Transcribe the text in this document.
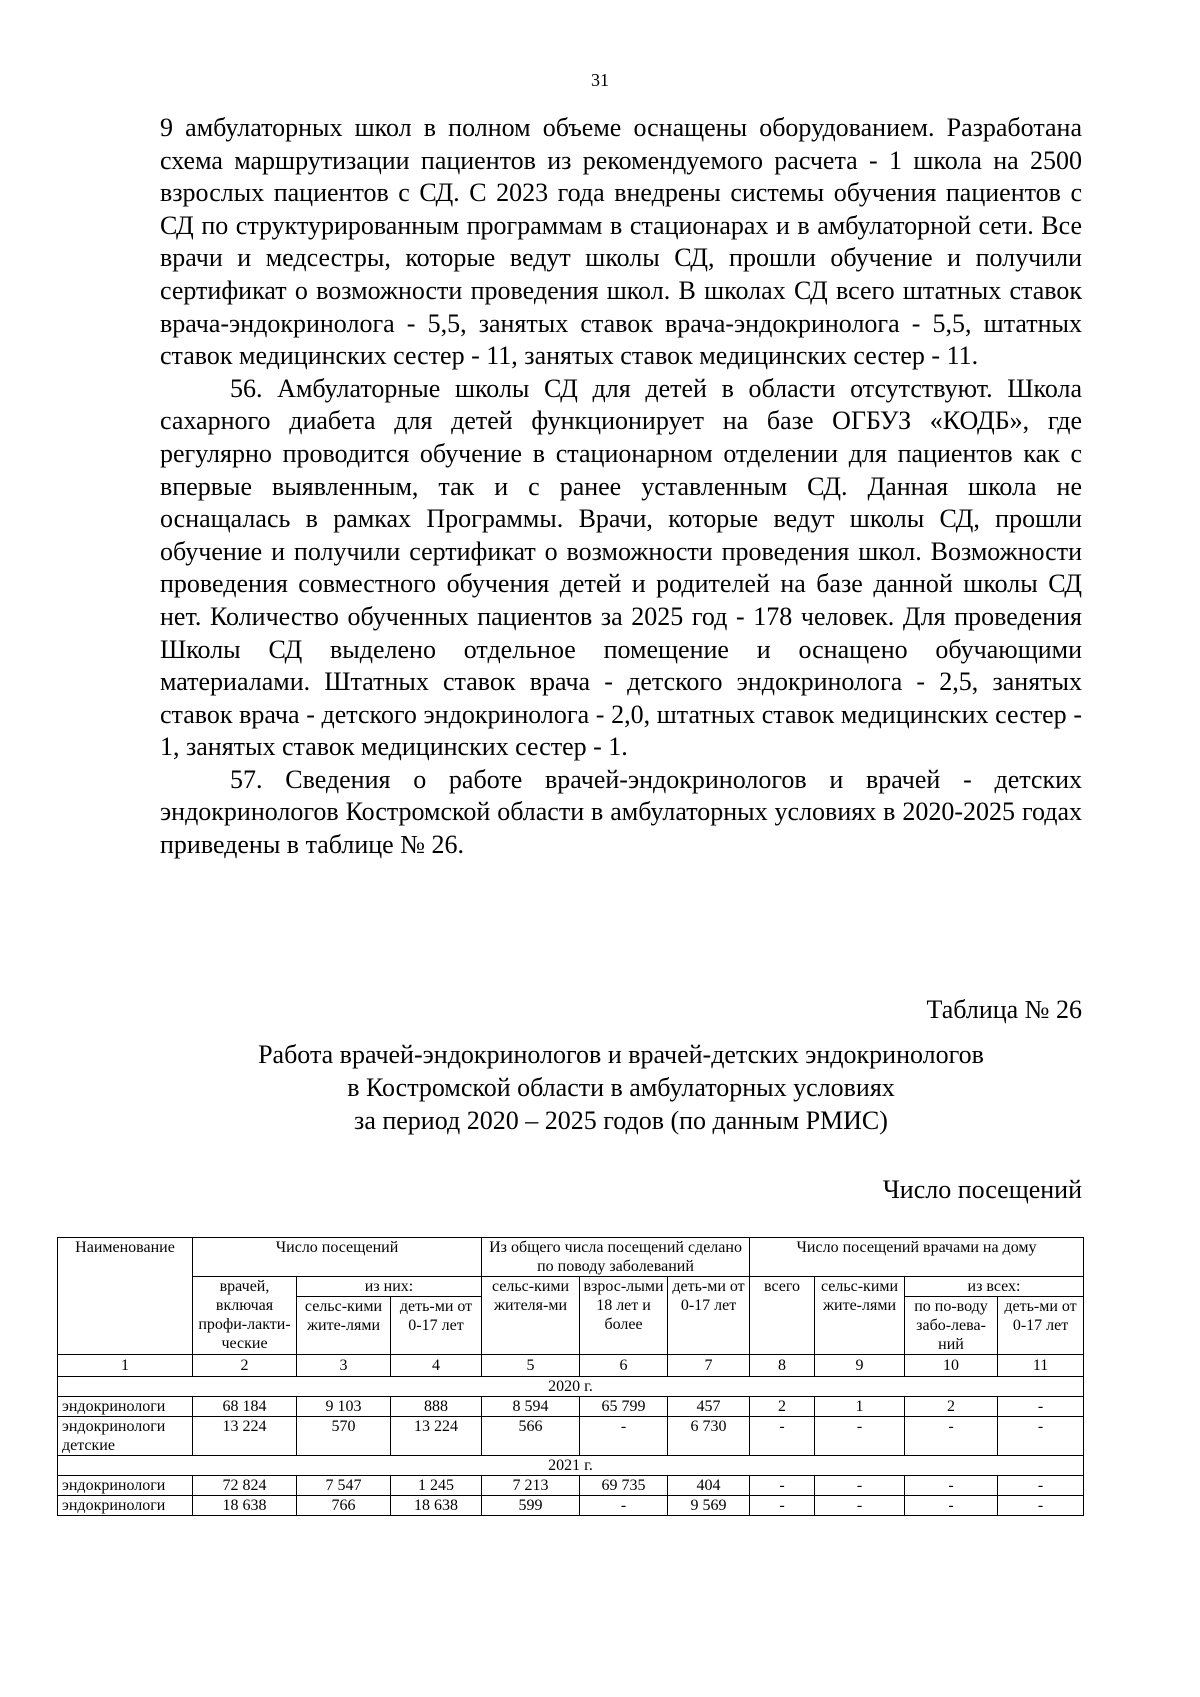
31

9 амбулаторных школ в полном объеме оснащены оборудованием. Разработана схема маршрутизации пациентов из рекомендуемого расчета - 1 школа на 2500 взрослых пациентов с СД. С 2023 года внедрены системы обучения пациентов с СД по структурированным программам в стационарах и в амбулаторной сети. Все врачи и медсестры, которые ведут школы СД, прошли обучение и получили сертификат о возможности проведения школ. В школах СД всего штатных ставок врача-эндокринолога - 5,5, занятых ставок врача-эндокринолога - 5,5, штатных ставок медицинских сестер - 11, занятых ставок медицинских сестер - 11.

56. Амбулаторные школы СД для детей в области отсутствуют. Школа сахарного диабета для детей функционирует на базе ОГБУЗ «КОДБ», где регулярно проводится обучение в стационарном отделении для пациентов как с впервые выявленным, так и с ранее уставленным СД. Данная школа не оснащалась в рамках Программы. Врачи, которые ведут школы СД, прошли обучение и получили сертификат о возможности проведения школ. Возможности проведения совместного обучения детей и родителей на базе данной школы СД нет. Количество обученных пациентов за 2025 год - 178 человек. Для проведения Школы СД выделено отдельное помещение и оснащено обучающими материалами. Штатных ставок врача - детского эндокринолога - 2,5, занятых ставок врача - детского эндокринолога - 2,0, штатных ставок медицинских сестер - 1, занятых ставок медицинских сестер - 1.

57. Сведения о работе врачей-эндокринологов и врачей - детских эндокринологов Костромской области в амбулаторных условиях в 2020-2025 годах приведены в таблице № 26.

Таблица № 26
Работа врачей-эндокринологов и врачей-детских эндокринологов
в Костромской области в амбулаторных условиях
за период 2020 – 2025 годов (по данным РМИС)
Число посещений
Наименование	Число посещений			Из общего числа посещений сделано по поводу заболеваний			Число посещений врачами на дому			
	врачей, включая профи-лакти-ческие	из них:		сельс-кими жителя-ми	взрос-лыми 18 лет и более	деть-ми от 0-17 лет	всего	сельс-кими жите-лями	из всех:	
		сельс-кими жите-лями	деть-ми от 0-17 лет						по по-воду забо-лева-ний	деть-ми от 0-17 лет
1	2	3	4	5	6	7	8	9	10	11
2020 г.										
эндокринологи	68 184	9 103	888	8 594	65 799	457	2	1	2	-
эндокринологи детские	13 224	570	13 224	566	-	6 730	-	-	-	-
2021 г.										
эндокринологи	72 824	7 547	1 245	7 213	69 735	404	-	-	-	-
эндокринологи	18 638	766	18 638	599	-	9 569	-	-	-	-
